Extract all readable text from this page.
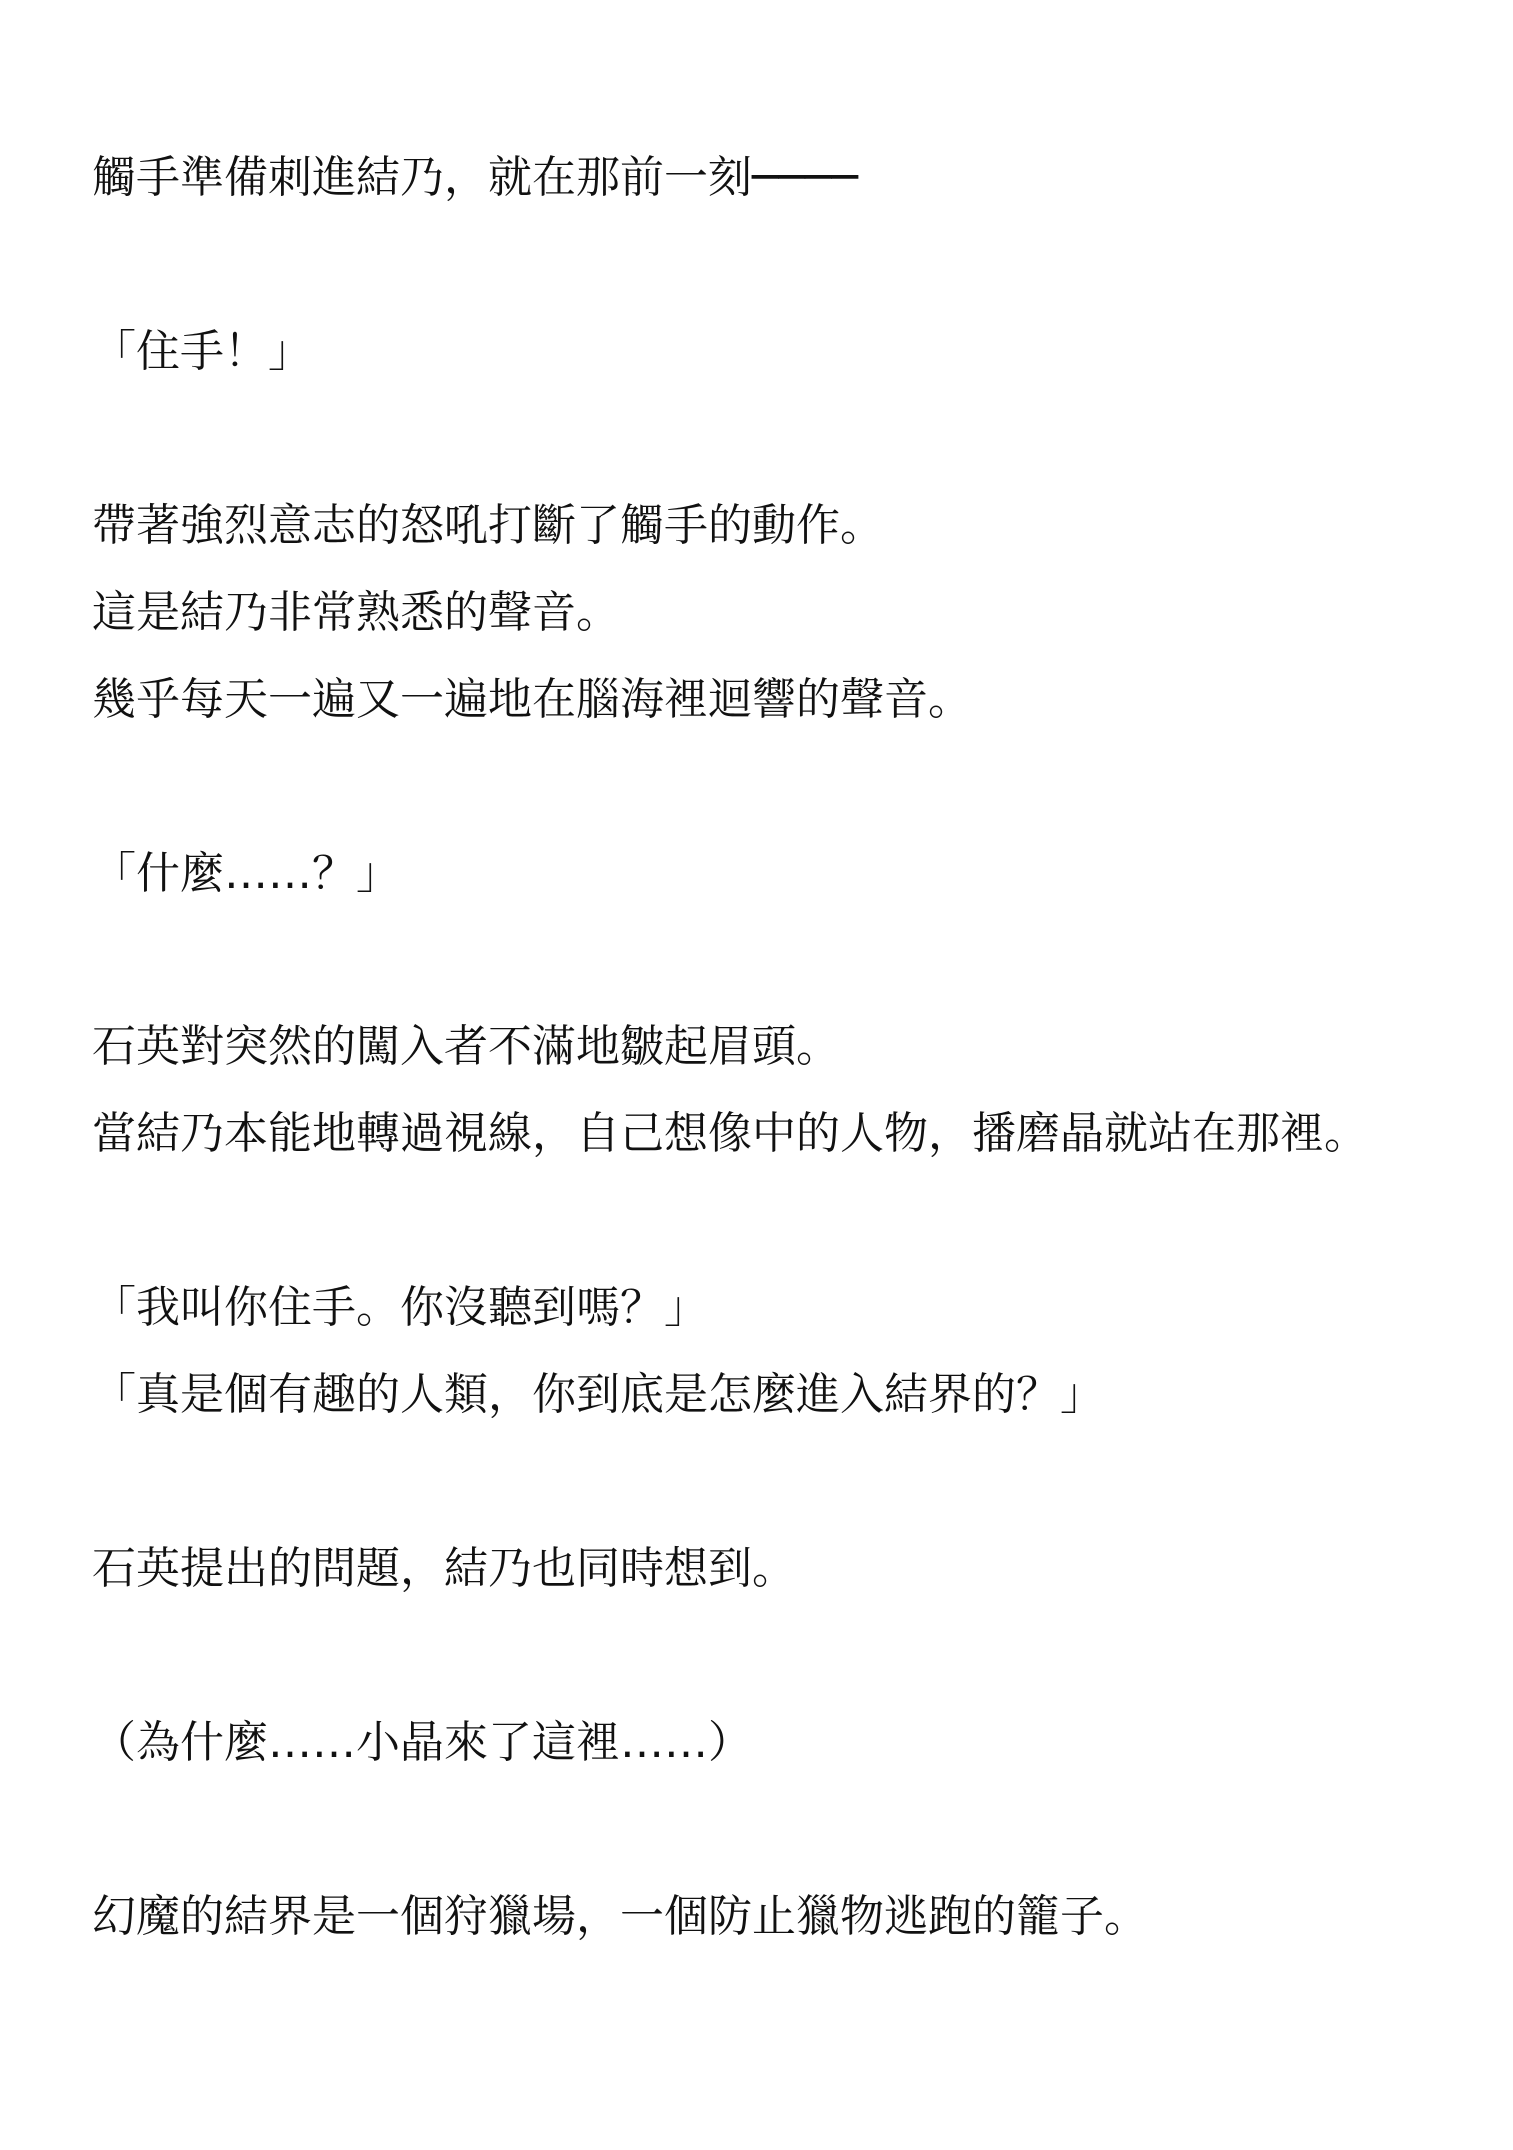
觸手準備刺進結乃，就在那前一刻────

「住手！」

帶著強烈意志的怒吼打斷了觸手的動作。

這是結乃非常熟悉的聲音。

幾乎每天一遍又一遍地在腦海裡迴響的聲音。

「什麼……？」

石英對突然的闖入者不滿地皺起眉頭。

當結乃本能地轉過視線，自己想像中的人物，播磨晶就站在那裡。

「我叫你住手。你沒聽到嗎？」

「真是個有趣的人類，你到底是怎麼進入結界的？」

石英提出的問題，結乃也同時想到。

（為什麼……小晶來了這裡……）

幻魔的結界是一個狩獵場，一個防止獵物逃跑的籠子。
